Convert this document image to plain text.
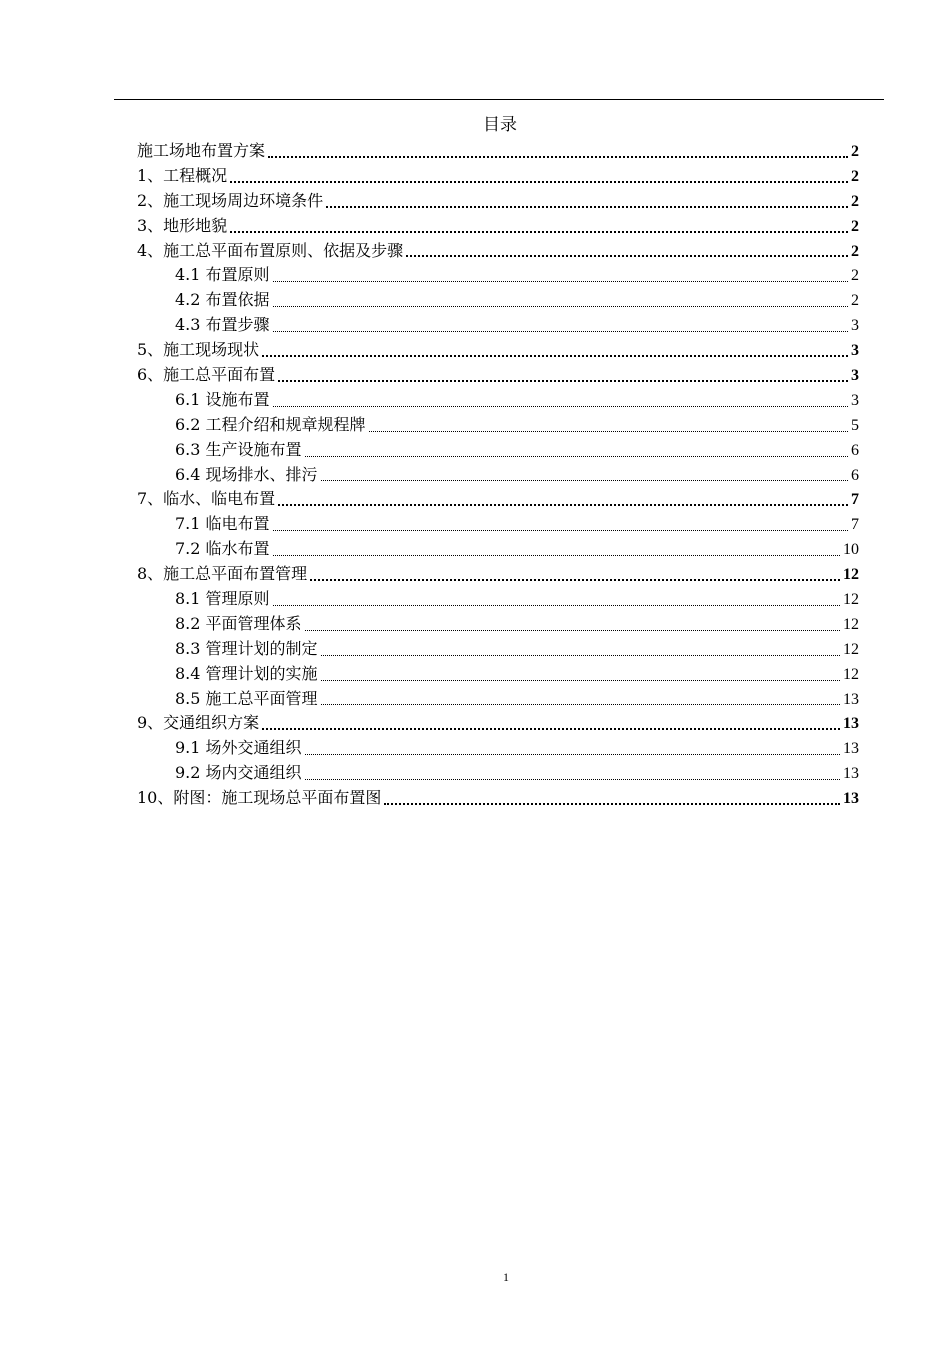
目录
施工场地布置方案	2
1、工程概况	2
2、施工现场周边环境条件	2
3、地形地貌	2
4、施工总平面布置原则、依据及步骤	2
4.1 布置原则	2
4.2 布置依据	2
4.3 布置步骤	3
5、施工现场现状	3
6、施工总平面布置	3
6.1 设施布置	3
6.2 工程介绍和规章规程牌	5
6.3 生产设施布置	6
6.4 现场排水、排污	6
7、临水、临电布置	7
7.1 临电布置	7
7.2 临水布置	10
8、施工总平面布置管理	12
8.1 管理原则	12
8.2 平面管理体系	12
8.3 管理计划的制定	12
8.4 管理计划的实施	12
8.5 施工总平面管理	13
9、交通组织方案	13
9.1 场外交通组织	13
9.2 场内交通组织	13
10、附图：施工现场总平面布置图	13
1
